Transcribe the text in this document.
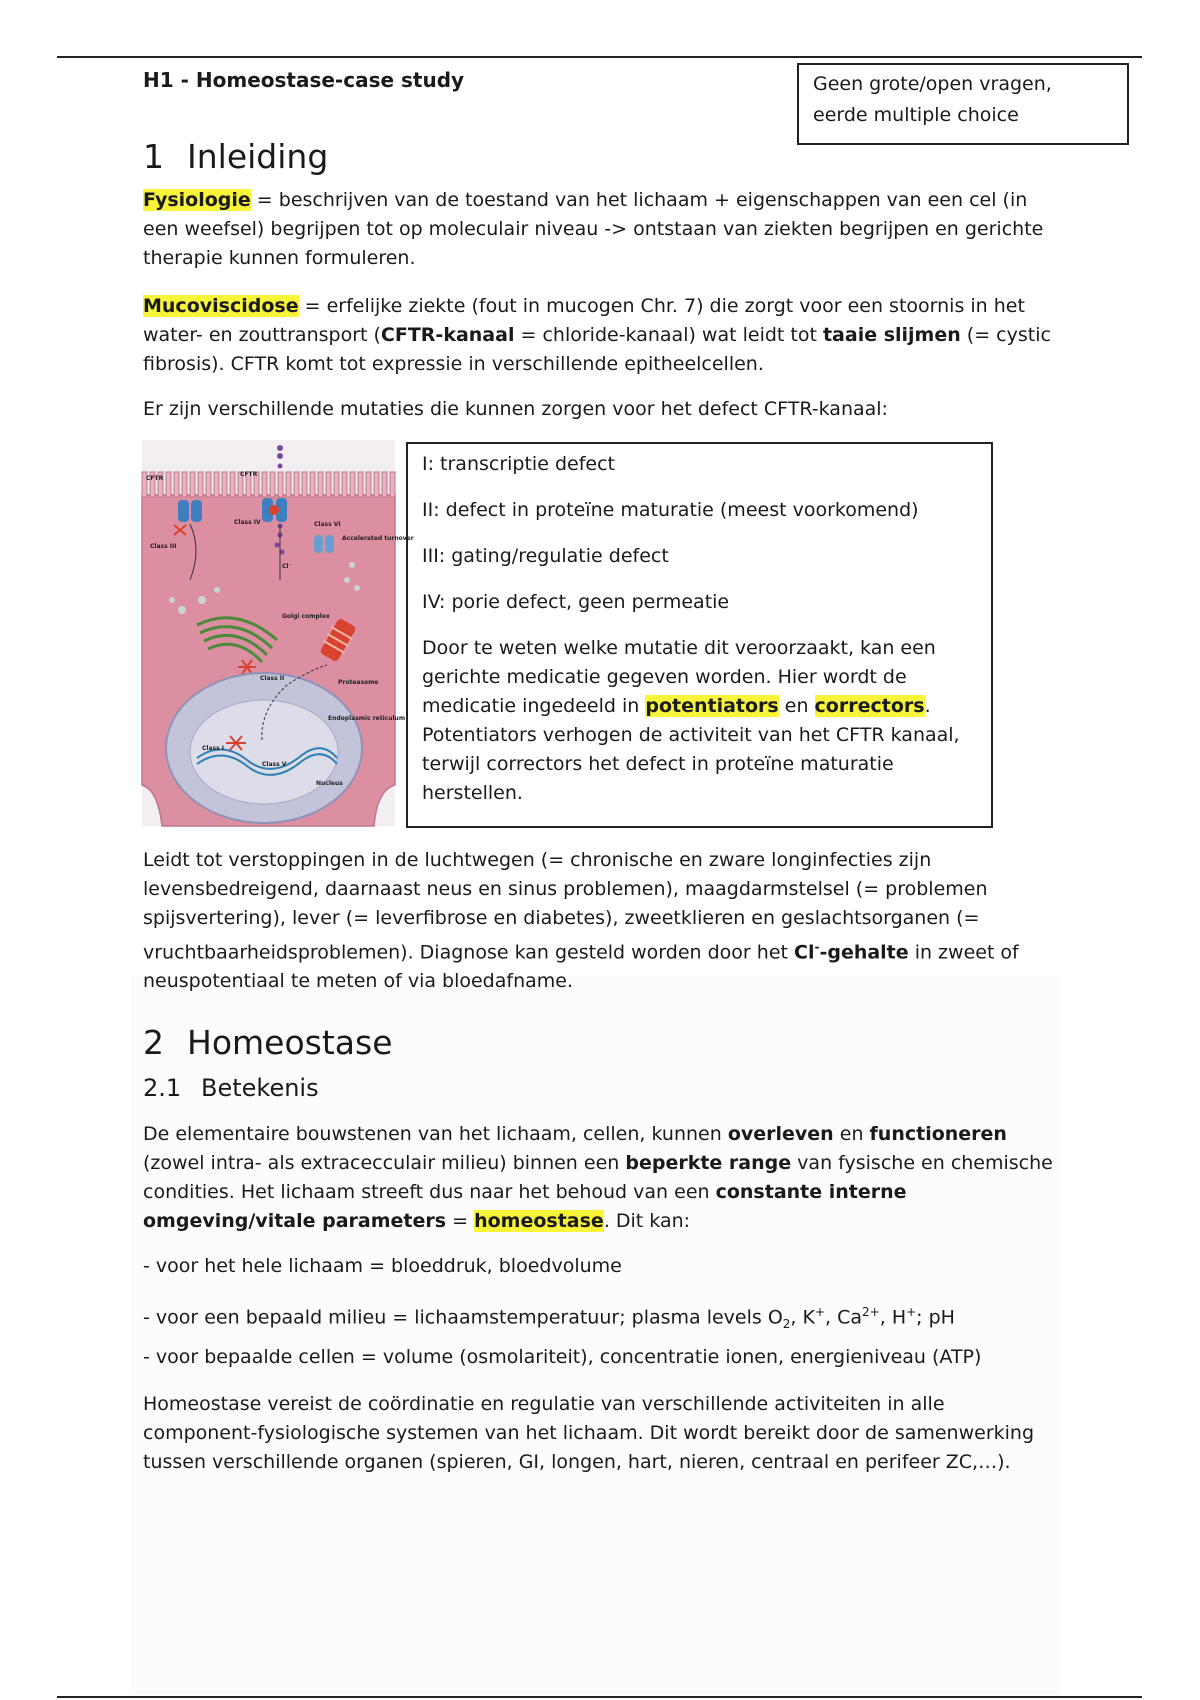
H1 - Homeostase-case study	Geen grote/open vragen,
eerde multiple choice
1 Inleiding

Fysiologie = beschrijven van de toestand van het lichaam + eigenschappen van een cel (in een weefsel) begrijpen tot op moleculair niveau -> ontstaan van ziekten begrijpen en gerichte therapie kunnen formuleren.

Mucoviscidose = erfelijke ziekte (fout in mucogen Chr. 7) die zorgt voor een stoornis in het water- en zouttransport (CFTR-kanaal = chloride-kanaal) wat leidt tot taaie slijmen (= cystic fibrosis). CFTR komt tot expressie in verschillende epitheelcellen.

Er zijn verschillende mutaties die kunnen zorgen voor het defect CFTR-kanaal:

CFTR
CFTR
Class III
Class IV	Class VI
Accelerated turnover
Cl⁻
Golgi complex
Class II
Proteasome
Endoplasmic reticulum
Class I
Class V
Nucleus

I: transcriptie defect

II: defect in proteïne maturatie (meest voorkomend)

III: gating/regulatie defect

IV: porie defect, geen permeatie

Door te weten welke mutatie dit veroorzaakt, kan een gerichte medicatie gegeven worden. Hier wordt de medicatie ingedeeld in potentiators en correctors. Potentiators verhogen de activiteit van het CFTR kanaal, terwijl correctors het defect in proteïne maturatie herstellen.

Leidt tot verstoppingen in de luchtwegen (= chronische en zware longinfecties zijn levensbedreigend, daarnaast neus en sinus problemen), maagdarmstelsel (= problemen spijsvertering), lever (= leverfibrose en diabetes), zweetklieren en geslachtsorganen (= vruchtbaarheidsproblemen). Diagnose kan gesteld worden door het Cl--gehalte in zweet of neuspotentiaal te meten of via bloedafname.

2 Homeostase
2.1 Betekenis

De elementaire bouwstenen van het lichaam, cellen, kunnen overleven en functioneren (zowel intra- als extracecculair milieu) binnen een beperkte range van fysische en chemische condities. Het lichaam streeft dus naar het behoud van een constante interne omgeving/vitale parameters = homeostase. Dit kan:

- voor het hele lichaam = bloeddruk, bloedvolume

- voor een bepaald milieu = lichaamstemperatuur; plasma levels $O_2$, K+, $Ca^{2+}$, H+; pH

- voor bepaalde cellen = volume (osmolariteit), concentratie ionen, energieniveau (ATP)

Homeostase vereist de coördinatie en regulatie van verschillende activiteiten in alle component-fysiologische systemen van het lichaam. Dit wordt bereikt door de samenwerking tussen verschillende organen (spieren, GI, longen, hart, nieren, centraal en perifeer ZC,…).
